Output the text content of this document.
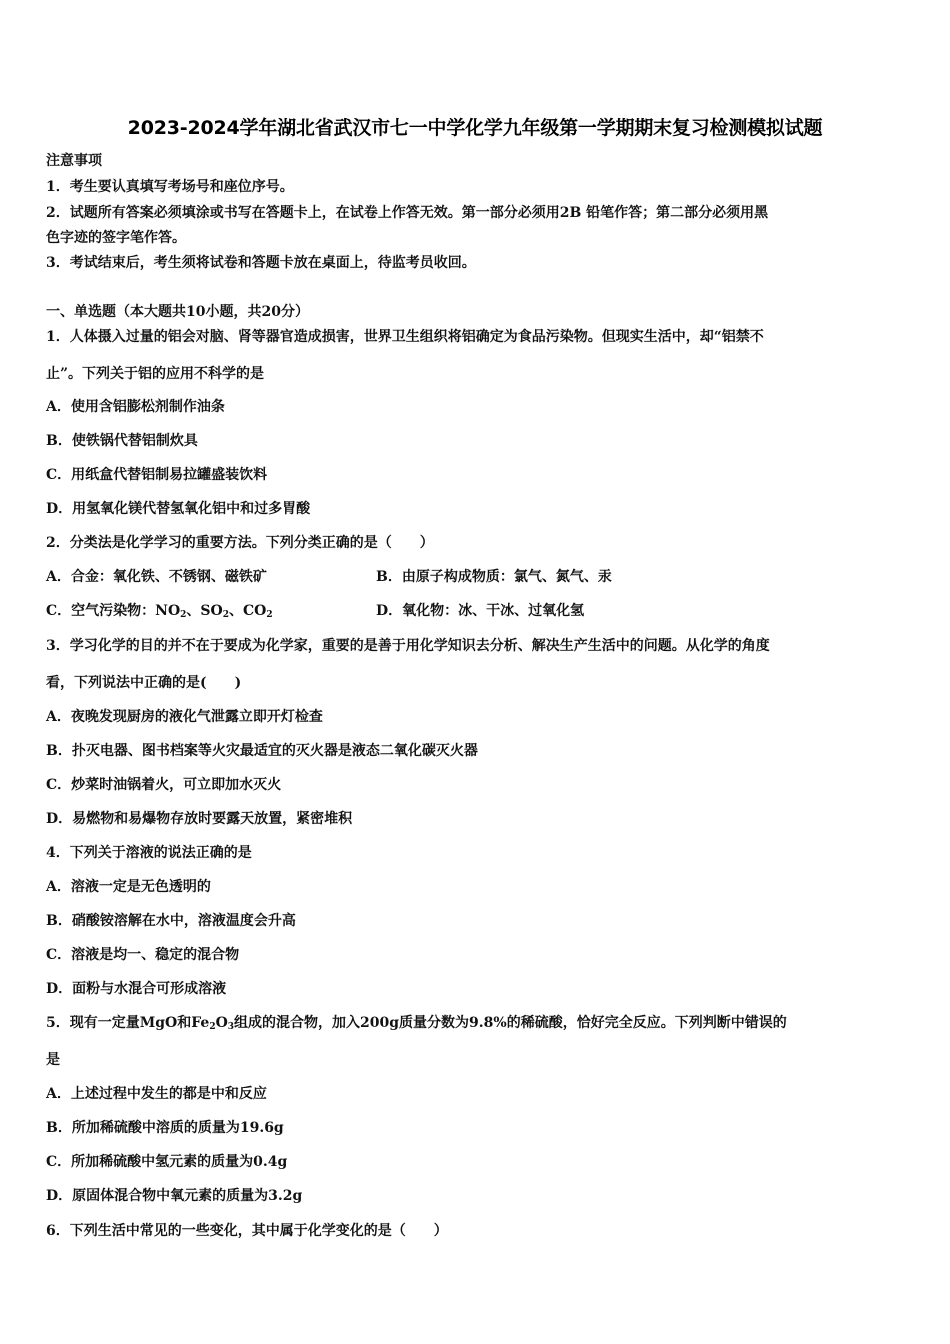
2023-2024学年湖北省武汉市七一中学化学九年级第一学期期末复习检测模拟试题
注意事项
1．考生要认真填写考场号和座位序号。
2．试题所有答案必须填涂或书写在答题卡上，在试卷上作答无效。第一部分必须用2B 铅笔作答；第二部分必须用黑
色字迹的签字笔作答。
3．考试结束后，考生须将试卷和答题卡放在桌面上，待监考员收回。
一、单选题（本大题共10小题，共20分）
1．人体摄入过量的铝会对脑、肾等器官造成损害，世界卫生组织将铝确定为食品污染物。但现实生活中，却“铝禁不
止”。下列关于铝的应用不科学的是
A．使用含铝膨松剂制作油条
B．使铁锅代替铝制炊具
C．用纸盒代替铝制易拉罐盛装饮料
D．用氢氧化镁代替氢氧化铝中和过多胃酸
2．分类法是化学学习的重要方法。下列分类正确的是（　　）
A．合金：氧化铁、不锈钢、磁铁矿	B．由原子构成物质：氯气、氮气、汞
C．空气污染物：$NO_2$、$SO_2$、$CO_2$	D．氧化物：冰、干冰、过氧化氢
3．学习化学的目的并不在于要成为化学家，重要的是善于用化学知识去分析、解决生产生活中的问题。从化学的角度
看，下列说法中正确的是(　　)
A．夜晚发现厨房的液化气泄露立即开灯检查
B．扑灭电器、图书档案等火灾最适宜的灭火器是液态二氧化碳灭火器
C．炒菜时油锅着火，可立即加水灭火
D．易燃物和易爆物存放时要露天放置，紧密堆积
4．下列关于溶液的说法正确的是
A．溶液一定是无色透明的
B．硝酸铵溶解在水中，溶液温度会升高
C．溶液是均一、稳定的混合物
D．面粉与水混合可形成溶液
5．现有一定量MgO和$Fe_2O_3$组成的混合物，加入200g质量分数为9.8%的稀硫酸，恰好完全反应。下列判断中错误的
是
A．上述过程中发生的都是中和反应
B．所加稀硫酸中溶质的质量为19.6g
C．所加稀硫酸中氢元素的质量为0.4g
D．原固体混合物中氧元素的质量为3.2g
6．下列生活中常见的一些变化，其中属于化学变化的是（　　）
